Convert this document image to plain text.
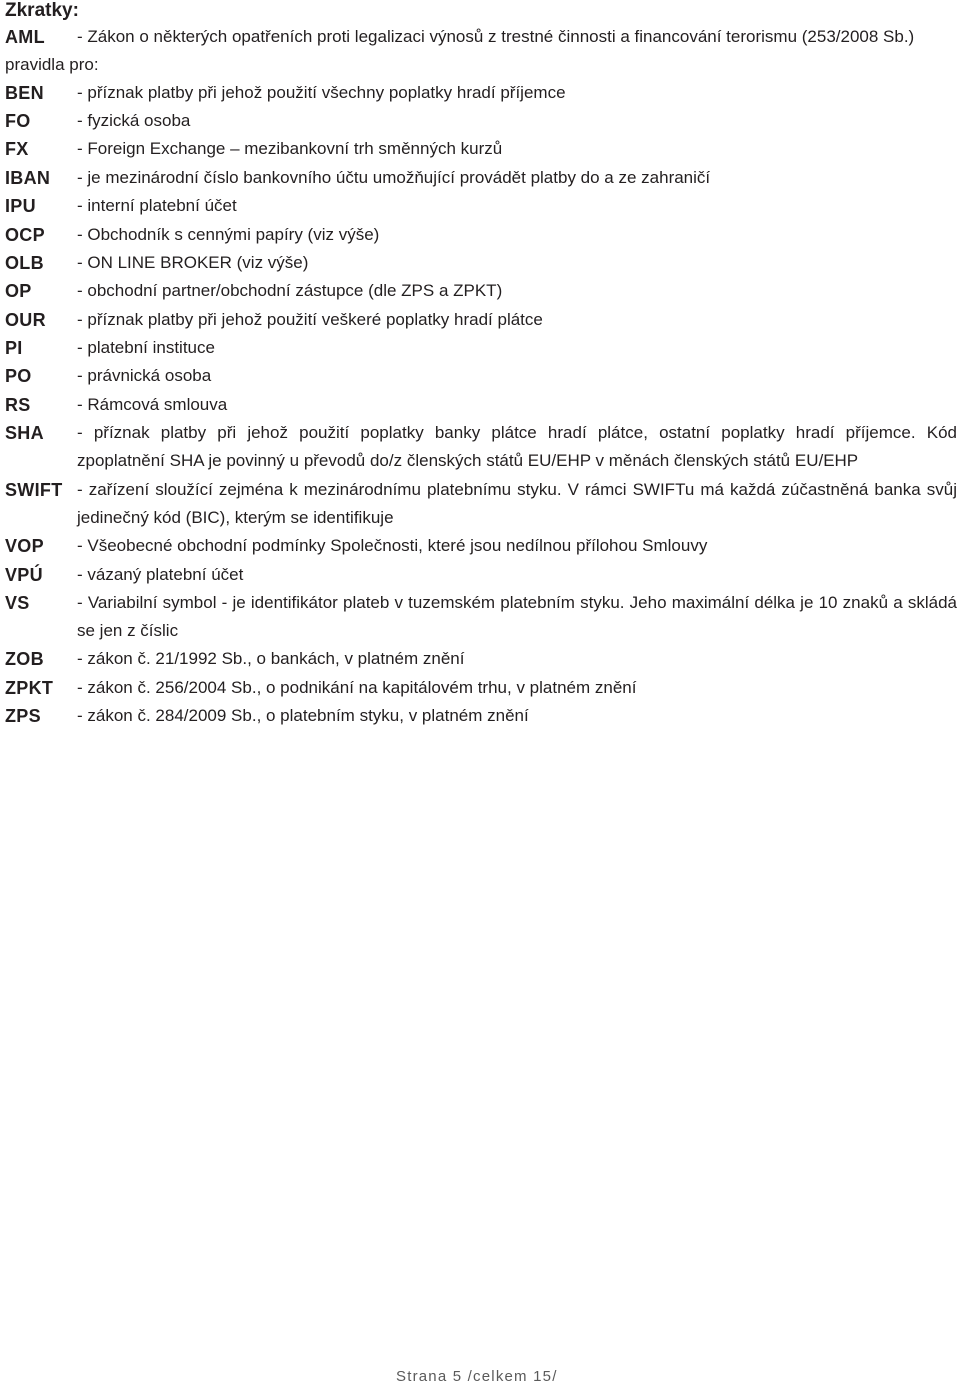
Zkratky:
AML - Zákon o některých opatřeních proti legalizaci výnosů z trestné činnosti a financování terorismu (253/2008 Sb.)
pravidla pro:
BEN - příznak platby při jehož použití všechny poplatky hradí příjemce
FO	- fyzická osoba
FX	- Foreign Exchange – mezibankovní trh směnných kurzů
IBAN - je mezinárodní číslo bankovního účtu umožňující provádět platby do a ze zahraničí
IPU - interní platební účet
OCP - Obchodník s cennými papíry (viz výše)
OLB - ON LINE BROKER (viz výše)
OP	- obchodní partner/obchodní zástupce (dle ZPS a ZPKT)
OUR - příznak platby při jehož použití veškeré poplatky hradí plátce
PI	- platební instituce
PO	- právnická osoba
RS	- Rámcová smlouva
SHA - příznak platby při jehož použití poplatky banky plátce hradí plátce, ostatní poplatky hradí příjemce. Kód
zpoplatnění SHA je povinný u převodů do/z členských států EU/EHP v měnách členských států EU/EHP
SWIFT - zařízení sloužící zejména k mezinárodnímu platebnímu styku. V rámci SWIFTu má každá zúčastněná banka svůj
jedinečný kód (BIC), kterým se identifikuje
VOP - Všeobecné obchodní podmínky Společnosti, které jsou nedílnou přílohou Smlouvy
VPÚ - vázaný platební účet
VS	- Variabilní symbol - je identifikátor plateb v tuzemském platebním styku. Jeho maximální délka je 10 znaků a skládá
se jen z číslic
ZOB - zákon č. 21/1992 Sb., o bankách, v platném znění
ZPKT - zákon č. 256/2004 Sb., o podnikání na kapitálovém trhu, v platném znění
ZPS - zákon č. 284/2009 Sb., o platebním styku, v platném znění
Strana 5 /celkem 15/
